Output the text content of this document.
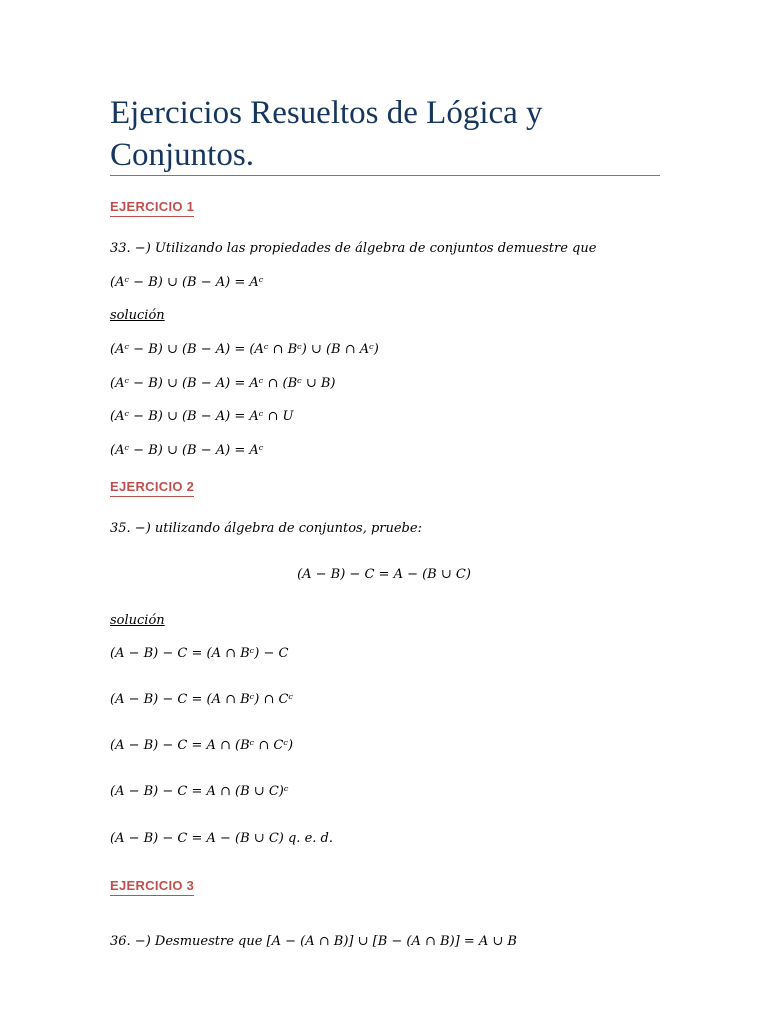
Ejercicios Resueltos de Lógica y Conjuntos.
EJERCICIO 1
33. −) Utilizando las propiedades de álgebra de conjuntos demuestre que
(Aᶜ − B) ∪ (B − A) = Aᶜ
solución
(Aᶜ − B) ∪ (B − A) = (Aᶜ ∩ Bᶜ) ∪ (B ∩ Aᶜ)
(Aᶜ − B) ∪ (B − A) = Aᶜ ∩ (Bᶜ ∪ B)
(Aᶜ − B) ∪ (B − A) = Aᶜ ∩ U
(Aᶜ − B) ∪ (B − A) = Aᶜ
EJERCICIO 2
35. −) utilizando álgebra de conjuntos, pruebe:
(A − B) − C = A − (B ∪ C)
solución
(A − B) − C = (A ∩ Bᶜ) − C
(A − B) − C = (A ∩ Bᶜ) ∩ Cᶜ
(A − B) − C = A ∩ (Bᶜ ∩ Cᶜ)
(A − B) − C = A ∩ (B ∪ C)ᶜ
(A − B) − C = A − (B ∪ C) q. e. d.
EJERCICIO 3
36. −) Desmuestre que [A − (A ∩ B)] ∪ [B − (A ∩ B)] = A ∪ B
